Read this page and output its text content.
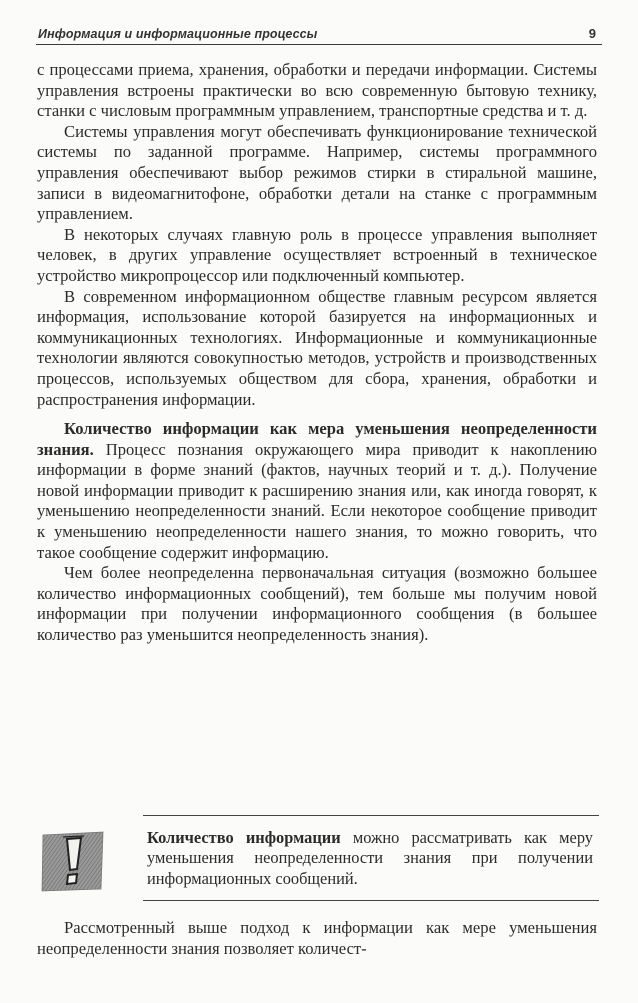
Информация и информационные процессы	9

с процессами приема, хранения, обработки и передачи информации. Системы управления встроены практически во всю современную бытовую технику, станки с числовым программным управлением, транспортные средства и т. д.

Системы управления могут обеспечивать функционирование технической системы по заданной программе. Например, системы программного управления обеспечивают выбор режимов стирки в стиральной машине, записи в видеомагнитофоне, обработки детали на станке с программным управлением.

В некоторых случаях главную роль в процессе управления выполняет человек, в других управление осуществляет встроенный в техническое устройство микропроцессор или подключенный компьютер.

В современном информационном обществе главным ресурсом является информация, использование которой базируется на информационных и коммуникационных технологиях. Информационные и коммуникационные технологии являются совокупностью методов, устройств и производственных процессов, используемых обществом для сбора, хранения, обработки и распространения информации.

Количество информации как мера уменьшения неопределенности знания. Процесс познания окружающего мира приводит к накоплению информации в форме знаний (фактов, научных теорий и т. д.). Получение новой информации приводит к расширению знания или, как иногда говорят, к уменьшению неопределенности знаний. Если некоторое сообщение приводит к уменьшению неопределенности нашего знания, то можно говорить, что такое сообщение содержит информацию.

Чем более неопределенна первоначальная ситуация (возможно большее количество информационных сообщений), тем больше мы получим новой информации при получении информационного сообщения (в большее количество раз уменьшится неопределенность знания).

Количество информации можно рассматривать как меру уменьшения неопределенности знания при получении информационных сообщений.

Рассмотренный выше подход к информации как мере уменьшения неопределенности знания позволяет количест-
